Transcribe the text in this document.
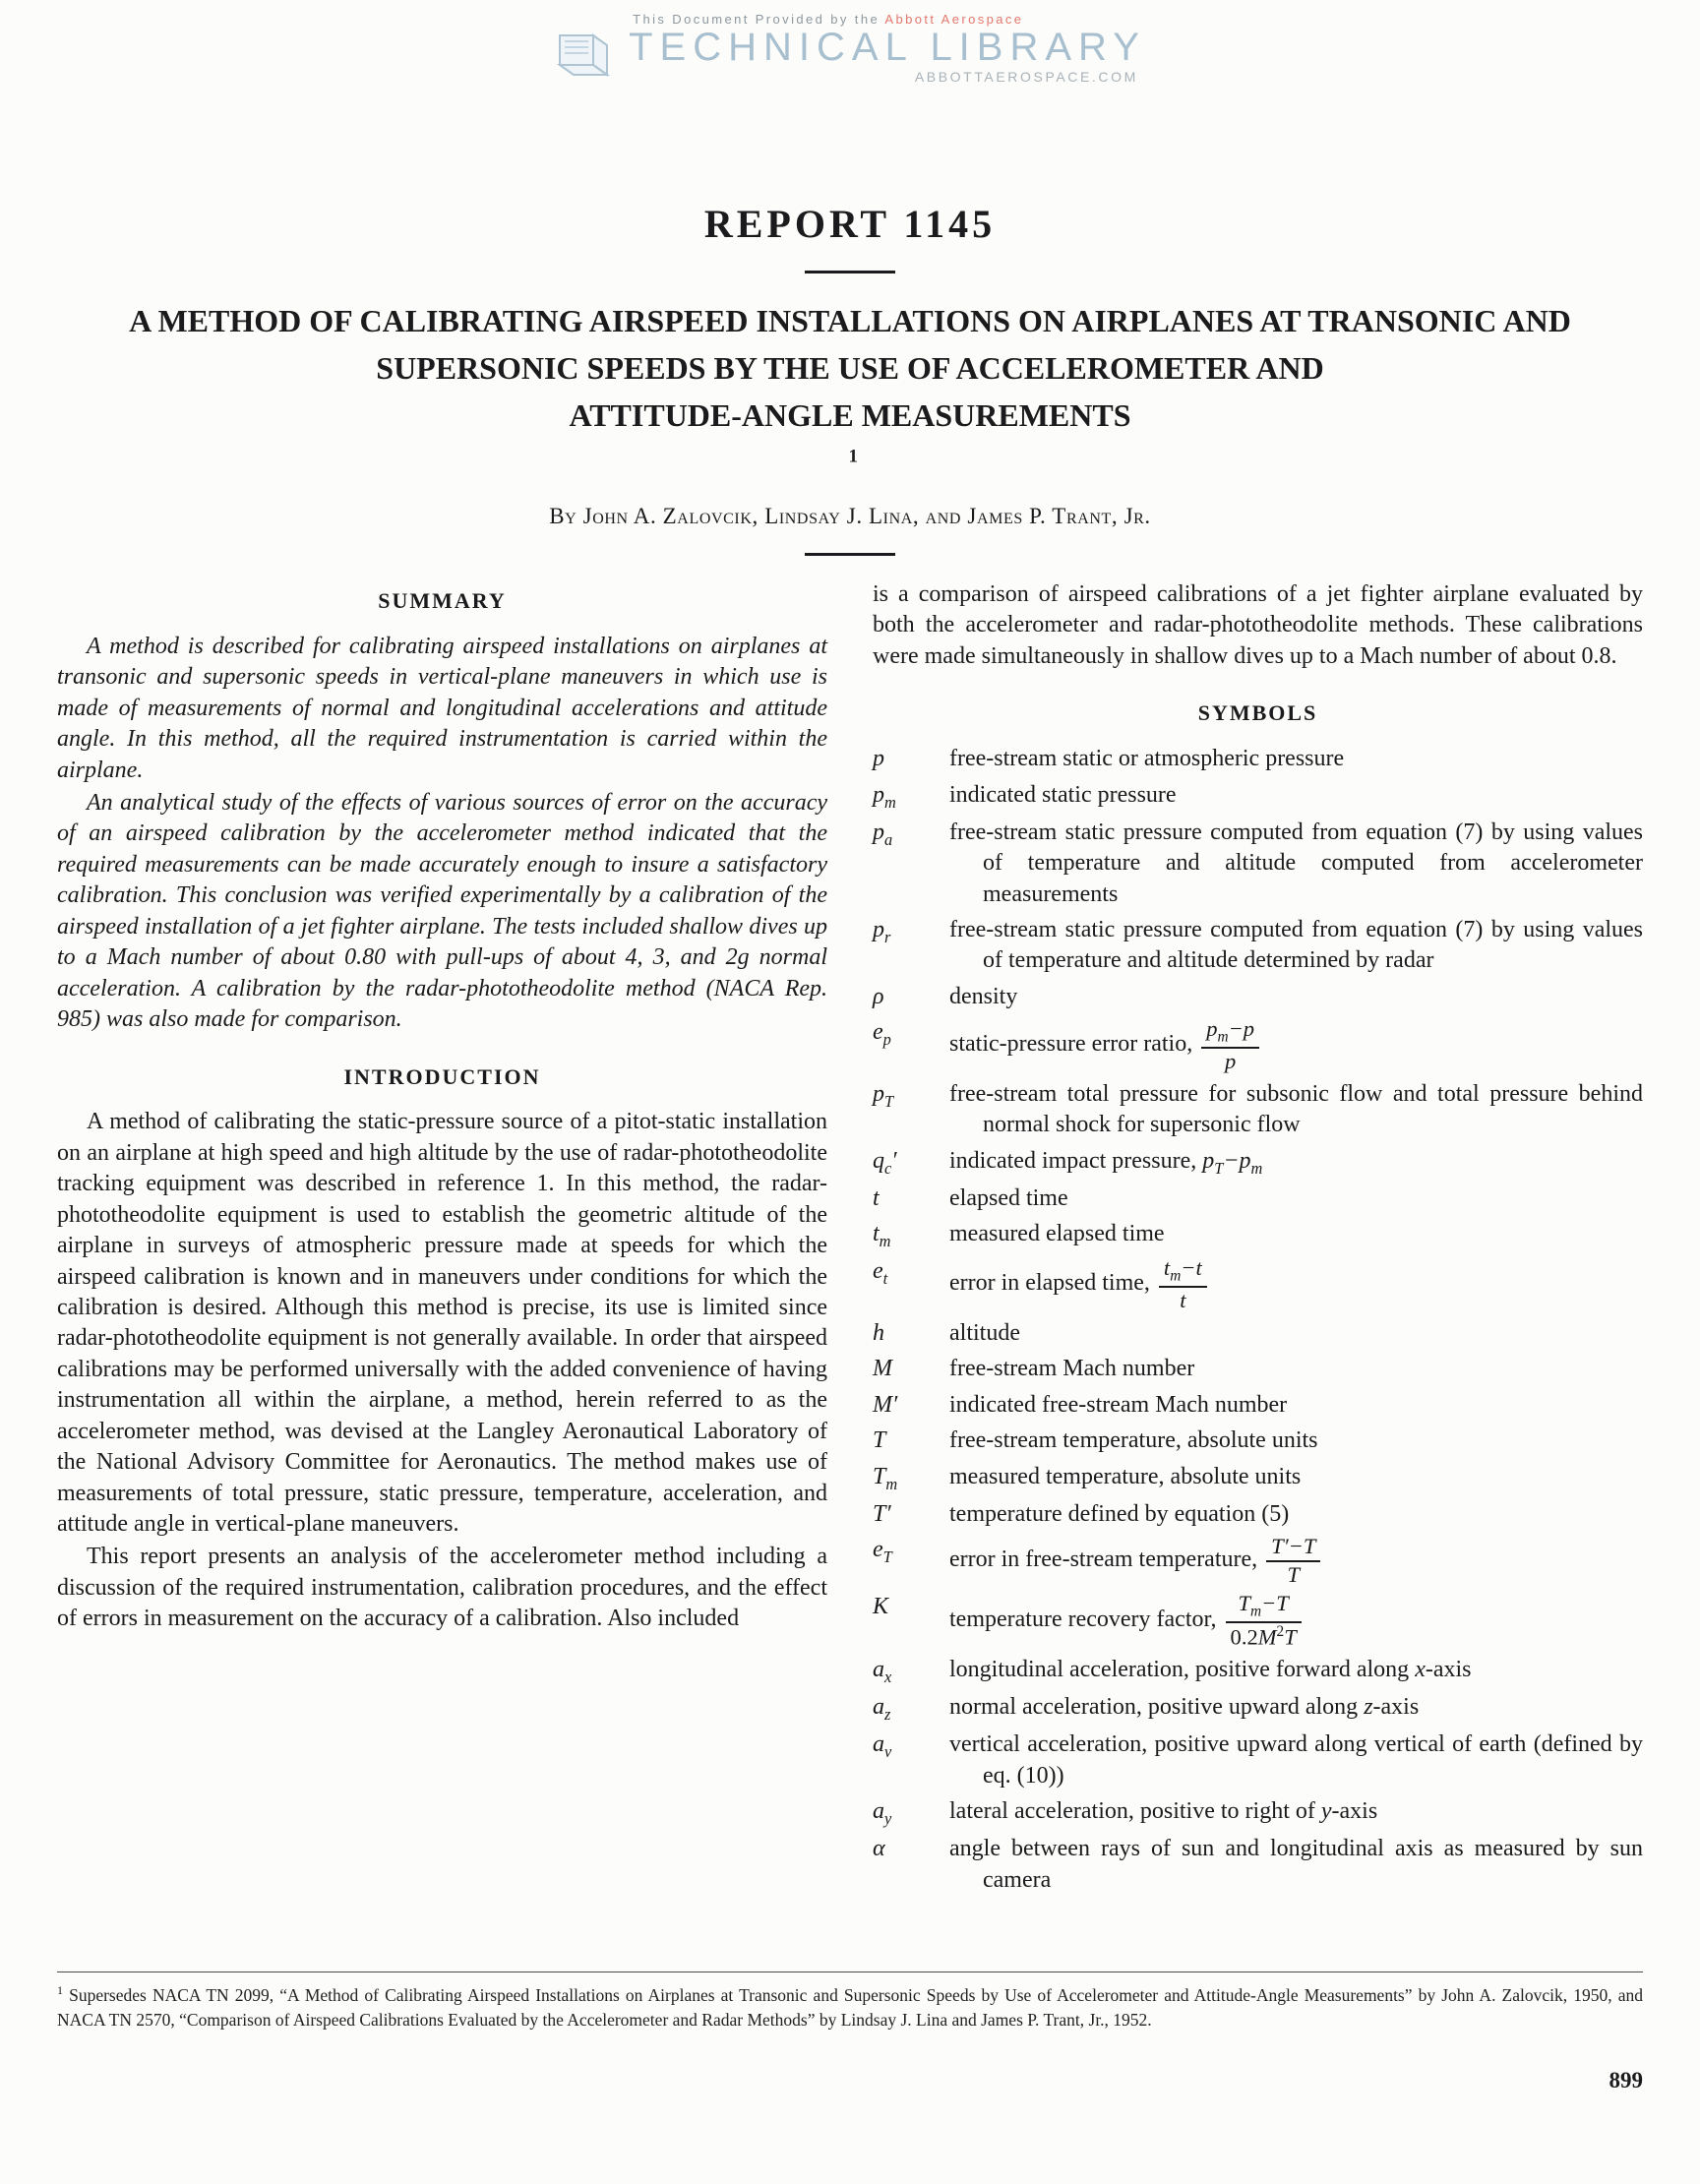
This Document Provided by the Abbott Aerospace
TECHNICAL LIBRARY
ABBOTTAEROSPACE.COM
REPORT 1145
A METHOD OF CALIBRATING AIRSPEED INSTALLATIONS ON AIRPLANES AT TRANSONIC AND
SUPERSONIC SPEEDS BY THE USE OF ACCELEROMETER AND
ATTITUDE-ANGLE MEASUREMENTS
 $^1$

By John A. Zalovcik, Lindsay J. Lina, and James P. Trant, Jr.

SUMMARY

A method is described for calibrating airspeed installations on airplanes at transonic and supersonic speeds in vertical-plane maneuvers in which use is made of measurements of normal and longitudinal accelerations and attitude angle. In this method, all the required instrumentation is carried within the airplane.

An analytical study of the effects of various sources of error on the accuracy of an airspeed calibration by the accelerometer method indicated that the required measurements can be made accurately enough to insure a satisfactory calibration. This conclusion was verified experimentally by a calibration of the airspeed installation of a jet fighter airplane. The tests included shallow dives up to a Mach number of about 0.80 with pull-ups of about 4, 3, and 2g normal acceleration. A calibration by the radar-phototheodolite method (NACA Rep. 985) was also made for comparison.

INTRODUCTION

A method of calibrating the static-pressure source of a pitot-static installation on an airplane at high speed and high altitude by the use of radar-phototheodolite tracking equipment was described in reference 1. In this method, the radar-phototheodolite equipment is used to establish the geometric altitude of the airplane in surveys of atmospheric pressure made at speeds for which the airspeed calibration is known and in maneuvers under conditions for which the calibration is desired. Although this method is precise, its use is limited since radar-phototheodolite equipment is not generally available. In order that airspeed calibrations may be performed universally with the added convenience of having instrumentation all within the airplane, a method, herein referred to as the accelerometer method, was devised at the Langley Aeronautical Laboratory of the National Advisory Committee for Aeronautics. The method makes use of measurements of total pressure, static pressure, temperature, acceleration, and attitude angle in vertical-plane maneuvers.

This report presents an analysis of the accelerometer method including a discussion of the required instrumentation, calibration procedures, and the effect of errors in measurement on the accuracy of a calibration. Also included

is a comparison of airspeed calibrations of a jet fighter airplane evaluated by both the accelerometer and radar-phototheodolite methods. These calibrations were made simultaneously in shallow dives up to a Mach number of about 0.8.

SYMBOLS
p	free-stream static or atmospheric pressure
$p_m$	indicated static pressure
$p_a$	free-stream static pressure computed from equation (7) by using values of temperature and altitude computed from accelerometer measurements
$p_r$	free-stream static pressure computed from equation (7) by using values of temperature and altitude determined by radar
ρ	density
$e_p$	static-pressure error ratio, $\frac{p_m-p}{p}$
$p_T$	free-stream total pressure for subsonic flow and total pressure behind normal shock for supersonic flow
$q_c'$	indicated impact pressure, $p_T-p_m$
t	elapsed time
$t_m$	measured elapsed time
$e_t$	error in elapsed time, $\frac{t_m-t}{t}$
h	altitude
M	free-stream Mach number
M′	indicated free-stream Mach number
T	free-stream temperature, absolute units
$T_m$	measured temperature, absolute units
T′	temperature defined by equation (5)
$e_T$	error in free-stream temperature, $\frac{T'-T}{T}$
K	temperature recovery factor, $\frac{T_m-T}{0.2M^2T}$
$a_x$	longitudinal acceleration, positive forward along x-axis
$a_z$	normal acceleration, positive upward along z-axis
$a_v$	vertical acceleration, positive upward along vertical of earth (defined by eq. (10))
$a_y$	lateral acceleration, positive to right of y-axis
α	angle between rays of sun and longitudinal axis as measured by sun camera
$^1$ Supersedes NACA TN 2099, “A Method of Calibrating Airspeed Installations on Airplanes at Transonic and Supersonic Speeds by Use of Accelerometer and Attitude-Angle Measurements” by John A. Zalovcik, 1950, and NACA TN 2570, “Comparison of Airspeed Calibrations Evaluated by the Accelerometer and Radar Methods” by Lindsay J. Lina and James P. Trant, Jr., 1952.
899
